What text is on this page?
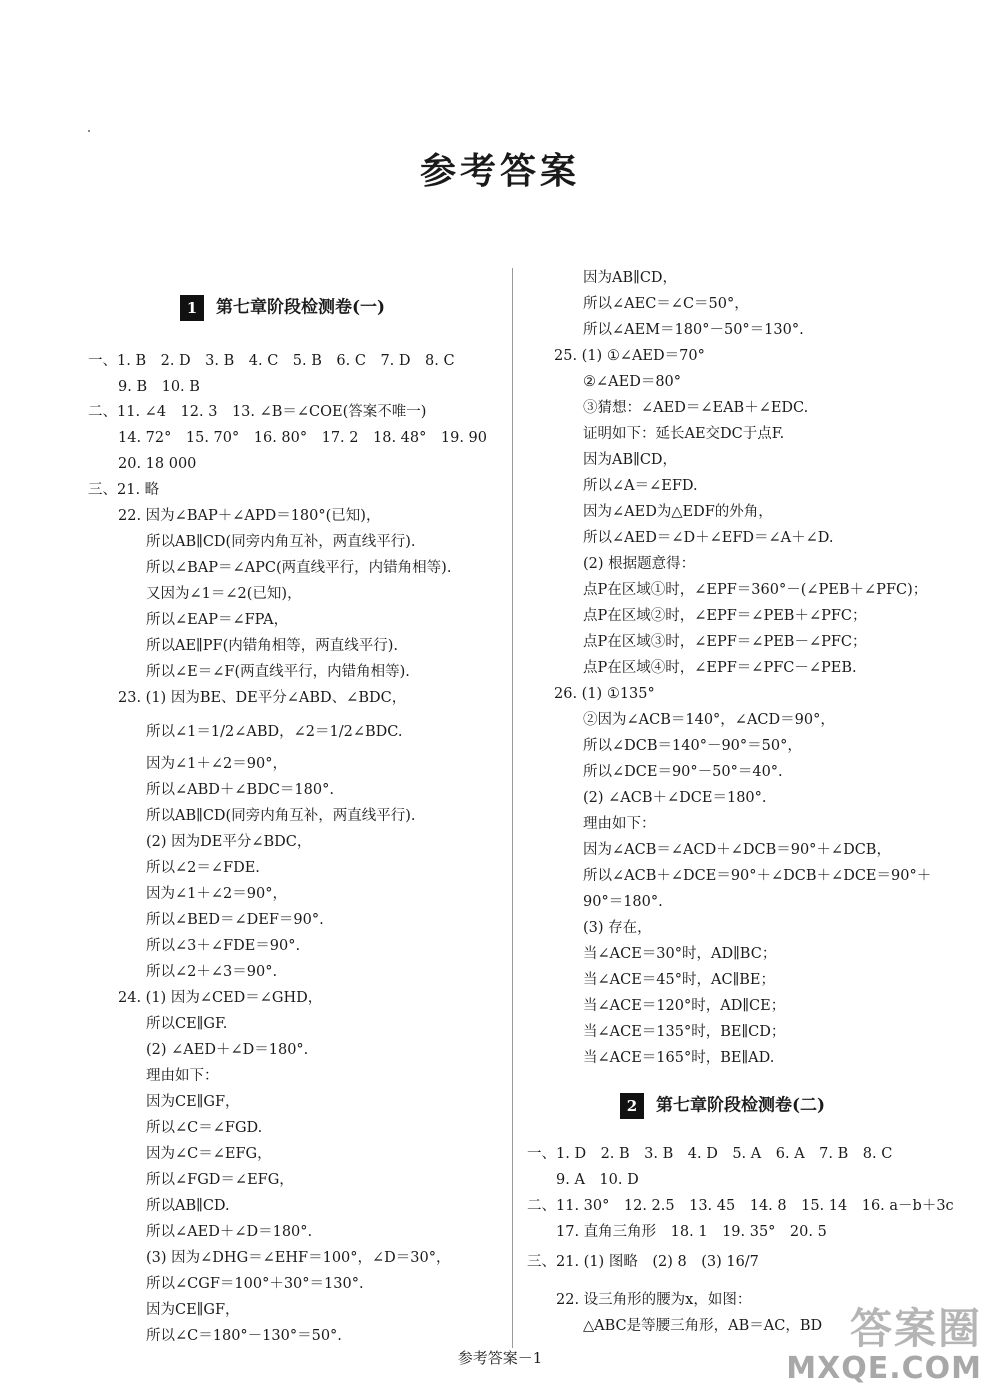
参考答案
1 第七章阶段检测卷(一)
2 第七章阶段检测卷(二)
一、1. B　2. D　3. B　4. C　5. B　6. C　7. D　8. C
9. B　10. B
二、11. ∠4　12. 3　13. ∠B＝∠COE(答案不唯一)
14. 72°　15. 70°　16. 80°　17. 2　18. 48°　19. 90
20. 18 000
三、21. 略
22. 因为∠BAP＋∠APD＝180°(已知)，
所以AB∥CD(同旁内角互补，两直线平行).
所以∠BAP＝∠APC(两直线平行，内错角相等).
又因为∠1＝∠2(已知)，
所以∠EAP＝∠FPA，
所以AE∥PF(内错角相等，两直线平行).
所以∠E＝∠F(两直线平行，内错角相等).
23. (1) 因为BE、DE平分∠ABD、∠BDC，
所以∠1＝1/2∠ABD，∠2＝1/2∠BDC.
因为∠1＋∠2＝90°，
所以∠ABD＋∠BDC＝180°.
所以AB∥CD(同旁内角互补，两直线平行).
(2) 因为DE平分∠BDC，
所以∠2＝∠FDE.
因为∠1＋∠2＝90°，
所以∠BED＝∠DEF＝90°.
所以∠3＋∠FDE＝90°.
所以∠2＋∠3＝90°.
24. (1) 因为∠CED＝∠GHD，
所以CE∥GF.
(2) ∠AED＋∠D＝180°.
理由如下：
因为CE∥GF，
所以∠C＝∠FGD.
因为∠C＝∠EFG，
所以∠FGD＝∠EFG，
所以AB∥CD.
所以∠AED＋∠D＝180°.
(3) 因为∠DHG＝∠EHF＝100°，∠D＝30°，
所以∠CGF＝100°＋30°＝130°.
因为CE∥GF，
所以∠C＝180°－130°＝50°.
因为AB∥CD，
所以∠AEC＝∠C＝50°，
所以∠AEM＝180°－50°＝130°.
25. (1) ①∠AED＝70°
②∠AED＝80°
③猜想：∠AED＝∠EAB＋∠EDC.
证明如下：延长AE交DC于点F.
因为AB∥CD，
所以∠A＝∠EFD.
因为∠AED为△EDF的外角，
所以∠AED＝∠D＋∠EFD＝∠A＋∠D.
(2) 根据题意得：
点P在区域①时，∠EPF＝360°－(∠PEB＋∠PFC)；
点P在区域②时，∠EPF＝∠PEB＋∠PFC；
点P在区域③时，∠EPF＝∠PEB－∠PFC；
点P在区域④时，∠EPF＝∠PFC－∠PEB.
26. (1) ①135°
②因为∠ACB＝140°，∠ACD＝90°，
所以∠DCB＝140°－90°＝50°，
所以∠DCE＝90°－50°＝40°.
(2) ∠ACB＋∠DCE＝180°.
理由如下：
因为∠ACB＝∠ACD＋∠DCB＝90°＋∠DCB，
所以∠ACB＋∠DCE＝90°＋∠DCB＋∠DCE＝90°＋
90°＝180°.
(3) 存在，
当∠ACE＝30°时，AD∥BC；
当∠ACE＝45°时，AC∥BE；
当∠ACE＝120°时，AD∥CE；
当∠ACE＝135°时，BE∥CD；
当∠ACE＝165°时，BE∥AD.
一、1. D　2. B　3. B　4. D　5. A　6. A　7. B　8. C
9. A　10. D
二、11. 30°　12. 2.5　13. 45　14. 8　15. 14　16. a－b＋3c
17. 直角三角形　18. 1　19. 35°　20. 5
三、21. (1) 图略　(2) 8　(3) 16/7
22. 设三角形的腰为x，如图：
△ABC是等腰三角形，AB＝AC，BD
参考答案－1
答案圈
MXQE.COM
